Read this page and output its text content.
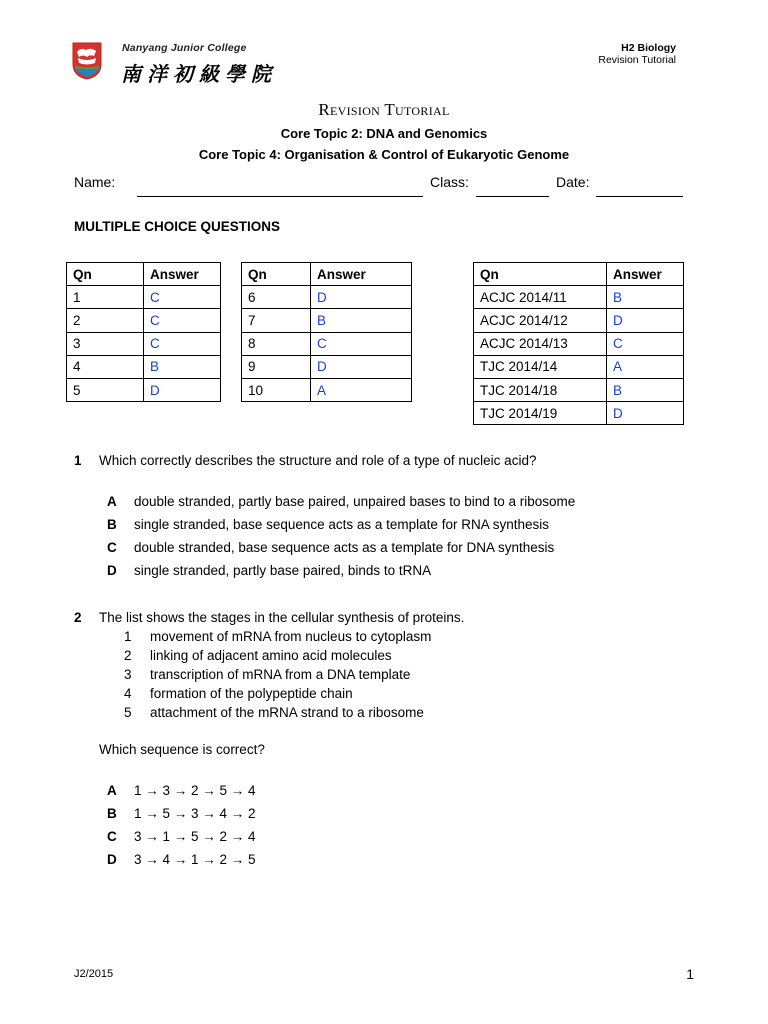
Nanyang Junior College
南洋初級學院
H2 Biology
Revision Tutorial
Revision Tutorial
Core Topic 2: DNA and Genomics
Core Topic 4: Organisation & Control of Eukaryotic Genome
Name:	Class:	Date:
MULTIPLE CHOICE QUESTIONS
Qn	Answer
1	C
2	C
3	C
4	B
5	D
Qn	Answer
6	D
7	B
8	C
9	D
10	A
Qn	Answer
ACJC 2014/11	B
ACJC 2014/12	D
ACJC 2014/13	C
TJC 2014/14	A
TJC 2014/18	B
TJC 2014/19	D
1 Which correctly describes the structure and role of a type of nucleic acid?
A double stranded, partly base paired, unpaired bases to bind to a ribosome
B single stranded, base sequence acts as a template for RNA synthesis
C double stranded, base sequence acts as a template for DNA synthesis
D single stranded, partly base paired, binds to tRNA
2 The list shows the stages in the cellular synthesis of proteins.
1 movement of mRNA from nucleus to cytoplasm
2 linking of adjacent amino acid molecules
3 transcription of mRNA from a DNA template
4 formation of the polypeptide chain
5 attachment of the mRNA strand to a ribosome
Which sequence is correct?
A 1 → 3 → 2 → 5 → 4
B 1 → 5 → 3 → 4 → 2
C 3 → 1 → 5 → 2 → 4
D 3 → 4 → 1 → 2 → 5
J2/2015	1
